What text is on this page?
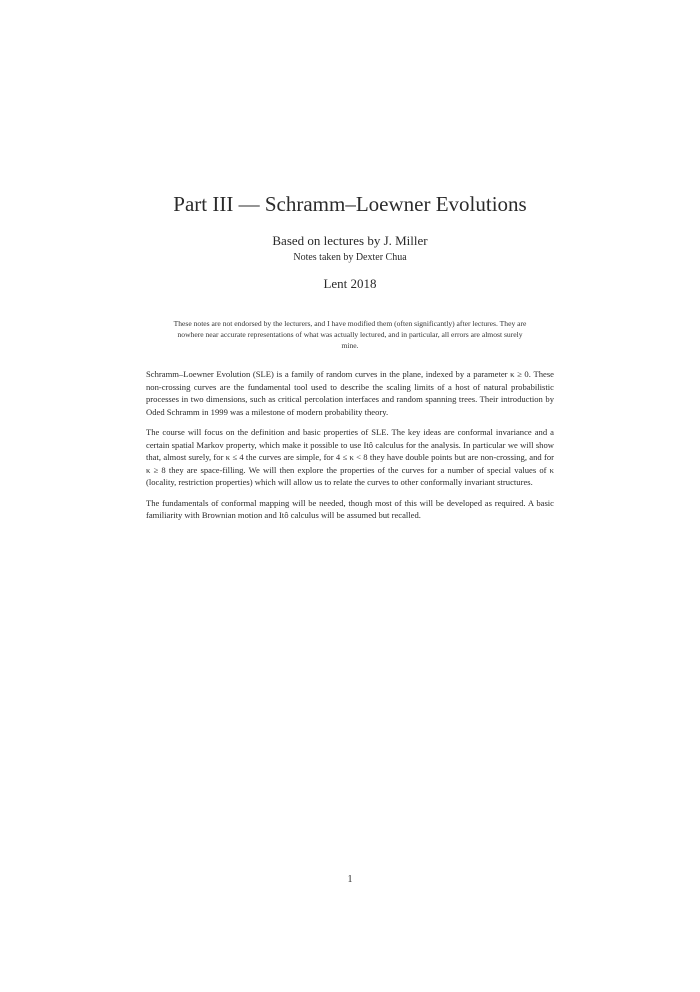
Part III — Schramm–Loewner Evolutions
Based on lectures by J. Miller
Notes taken by Dexter Chua
Lent 2018
These notes are not endorsed by the lecturers, and I have modified them (often significantly) after lectures. They are nowhere near accurate representations of what was actually lectured, and in particular, all errors are almost surely mine.

Schramm–Loewner Evolution (SLE) is a family of random curves in the plane, indexed by a parameter κ ≥ 0. These non-crossing curves are the fundamental tool used to describe the scaling limits of a host of natural probabilistic processes in two dimensions, such as critical percolation interfaces and random spanning trees. Their introduction by Oded Schramm in 1999 was a milestone of modern probability theory.

The course will focus on the definition and basic properties of SLE. The key ideas are conformal invariance and a certain spatial Markov property, which make it possible to use Itô calculus for the analysis. In particular we will show that, almost surely, for κ ≤ 4 the curves are simple, for 4 ≤ κ < 8 they have double points but are non-crossing, and for κ ≥ 8 they are space-filling. We will then explore the properties of the curves for a number of special values of κ (locality, restriction properties) which will allow us to relate the curves to other conformally invariant structures.

The fundamentals of conformal mapping will be needed, though most of this will be developed as required. A basic familiarity with Brownian motion and Itô calculus will be assumed but recalled.

1
